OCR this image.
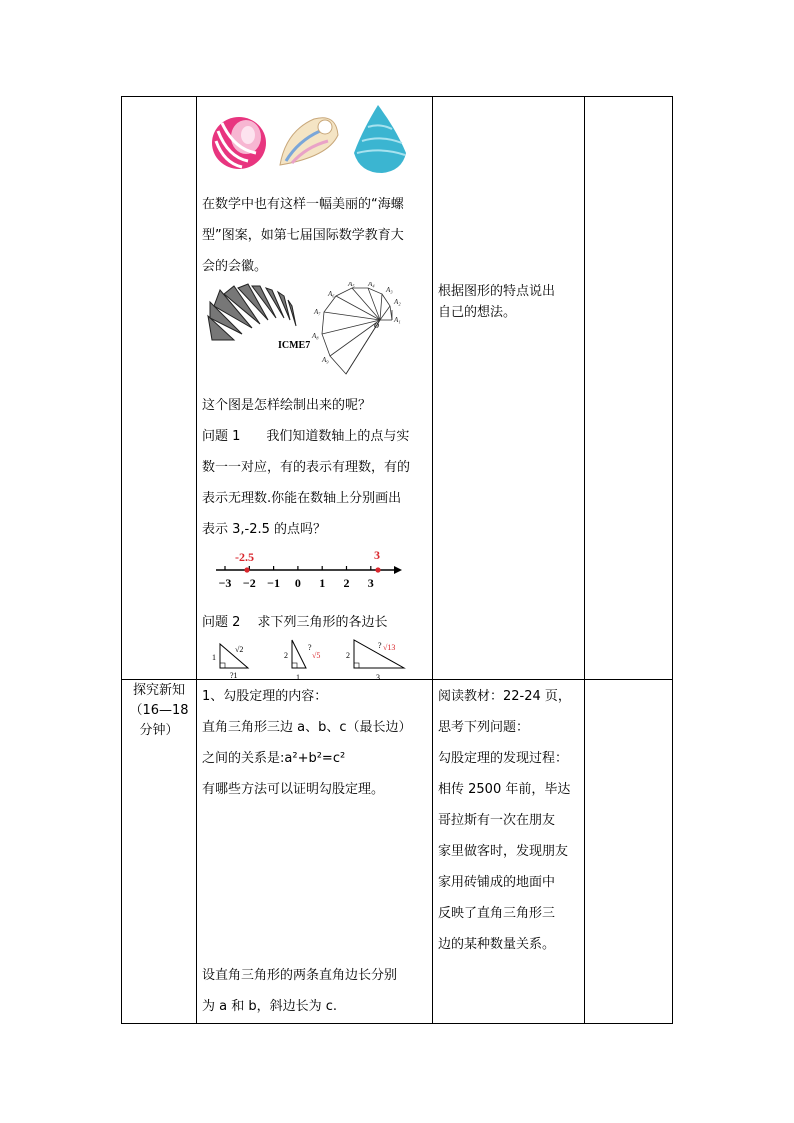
在数学中也有这样一幅美丽的“海螺

型”图案，如第七届国际数学教育大

会的会徽。

ICME7
A₁
A₂
A₃
A₄
A₅
A₆
A₇
A₈
A₉
O

这个图是怎样绘制出来的呢？

问题 1　　我们知道数轴上的点与实

数一一对应，有的表示有理数，有的

表示无理数.你能在数轴上分别画出

表示 3,-2.5 的点吗？

−3 −2 −1 0 1 2 3
-2.5	3

问题 2　 求下列三角形的各边长

1
√2
?1
2
?
√5
1
2
? √13
3

根据图形的特点说出

自己的想法。

探究新知

（16—18

分钟）

1、勾股定理的内容：

直角三角形三边 a、b、c（最长边）

之间的关系是:a²+b²=c²

有哪些方法可以证明勾股定理。

设直角三角形的两条直角边长分别

为 a 和 b，斜边长为 c.

阅读教材：22-24 页，

思考下列问题：

勾股定理的发现过程：

相传 2500 年前，毕达

哥拉斯有一次在朋友

家里做客时，发现朋友

家用砖铺成的地面中

反映了直角三角形三

边的某种数量关系。
